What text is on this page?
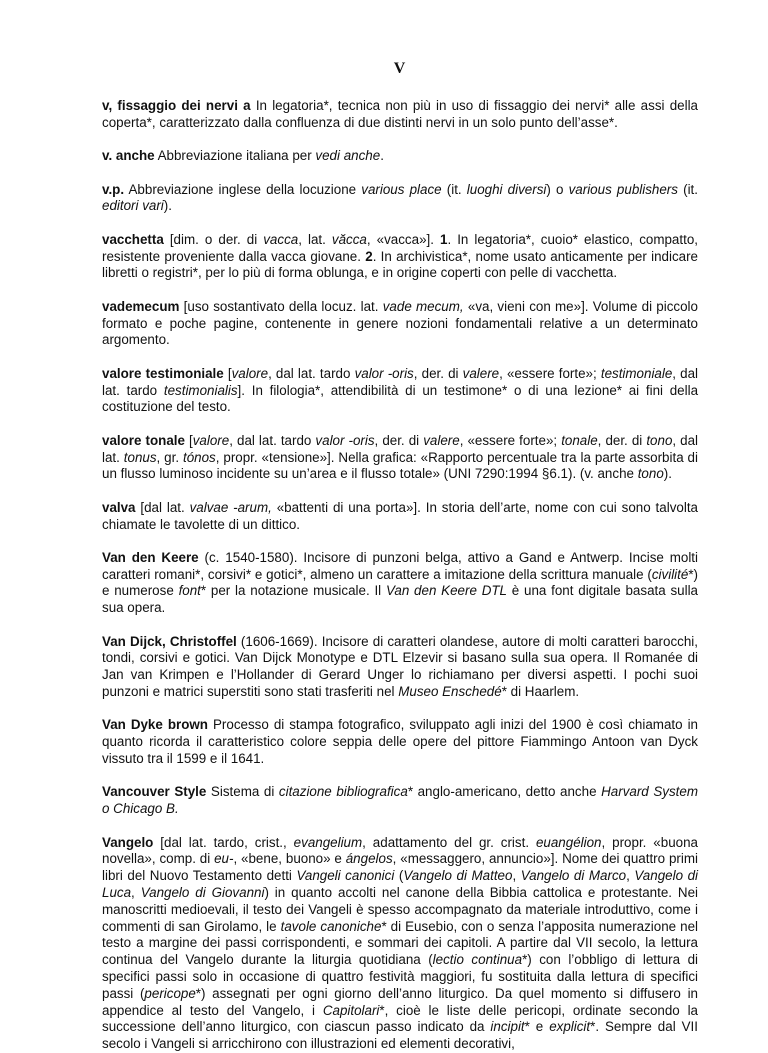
V

v, fissaggio dei nervi a In legatoria*, tecnica non più in uso di fissaggio dei nervi* alle assi della coperta*, caratterizzato dalla confluenza di due distinti nervi in un solo punto dell’asse*.

v. anche Abbreviazione italiana per vedi anche.

v.p. Abbreviazione inglese della locuzione various place (it. luoghi diversi) o various publishers (it. editori vari).

vacchetta [dim. o der. di vacca, lat. văcca, «vacca»]. 1. In legatoria*, cuoio* elastico, compatto, resistente proveniente dalla vacca giovane. 2. In archivistica*, nome usato anticamente per indicare libretti o registri*, per lo più di forma oblunga, e in origine coperti con pelle di vacchetta.

vademecum [uso sostantivato della locuz. lat. vade mecum, «va, vieni con me»]. Volume di piccolo formato e poche pagine, contenente in genere nozioni fondamentali relative a un determinato argomento.

valore testimoniale [valore, dal lat. tardo valor -oris, der. di valere, «essere forte»; testimoniale, dal lat. tardo testimonialis]. In filologia*, attendibilità di un testimone* o di una lezione* ai fini della costituzione del testo.

valore tonale [valore, dal lat. tardo valor -oris, der. di valere, «essere forte»; tonale, der. di tono, dal lat. tonus, gr. tónos, propr. «tensione»]. Nella grafica: «Rapporto percentuale tra la parte assorbita di un flusso luminoso incidente su un’area e il flusso totale» (UNI 7290:1994 §6.1). (v. anche tono).

valva [dal lat. valvae -arum, «battenti di una porta»]. In storia dell’arte, nome con cui sono talvolta chiamate le tavolette di un dittico.

Van den Keere (c. 1540-1580). Incisore di punzoni belga, attivo a Gand e Antwerp. Incise molti caratteri romani*, corsivi* e gotici*, almeno un carattere a imitazione della scrittura manuale (civilité*) e numerose font* per la notazione musicale. Il Van den Keere DTL è una font digitale basata sulla sua opera.

Van Dijck, Christoffel (1606-1669). Incisore di caratteri olandese, autore di molti caratteri barocchi, tondi, corsivi e gotici. Van Dijck Monotype e DTL Elzevir si basano sulla sua opera. Il Romanée di Jan van Krimpen e l’Hollander di Gerard Unger lo richiamano per diversi aspetti. I pochi suoi punzoni e matrici superstiti sono stati trasferiti nel Museo Enschedé* di Haarlem.

Van Dyke brown Processo di stampa fotografico, sviluppato agli inizi del 1900 è così chiamato in quanto ricorda il caratteristico colore seppia delle opere del pittore Fiammingo Antoon van Dyck vissuto tra il 1599 e il 1641.

Vancouver Style Sistema di citazione bibliografica* anglo-americano, detto anche Harvard System o Chicago B.

Vangelo [dal lat. tardo, crist., evangelium, adattamento del gr. crist. euangélion, propr. «buona novella», comp. di eu-, «bene, buono» e ángelos, «messaggero, annuncio»]. Nome dei quattro primi libri del Nuovo Testamento detti Vangeli canonici (Vangelo di Matteo, Vangelo di Marco, Vangelo di Luca, Vangelo di Giovanni) in quanto accolti nel canone della Bibbia cattolica e protestante. Nei manoscritti medioevali, il testo dei Vangeli è spesso accompagnato da materiale introduttivo, come i commenti di san Girolamo, le tavole canoniche* di Eusebio, con o senza l’apposita numerazione nel testo a margine dei passi corrispondenti, e sommari dei capitoli. A partire dal VII secolo, la lettura continua del Vangelo durante la liturgia quotidiana (lectio continua*) con l’obbligo di lettura di specifici passi solo in occasione di quattro festività maggiori, fu sostituita dalla lettura di specifici passi (pericope*) assegnati per ogni giorno dell’anno liturgico. Da quel momento si diffusero in appendice al testo del Vangelo, i Capitolari*, cioè le liste delle pericopi, ordinate secondo la successione dell’anno liturgico, con ciascun passo indicato da incipit* e explicit*. Sempre dal VII secolo i Vangeli si arricchirono con illustrazioni ed elementi decorativi,
